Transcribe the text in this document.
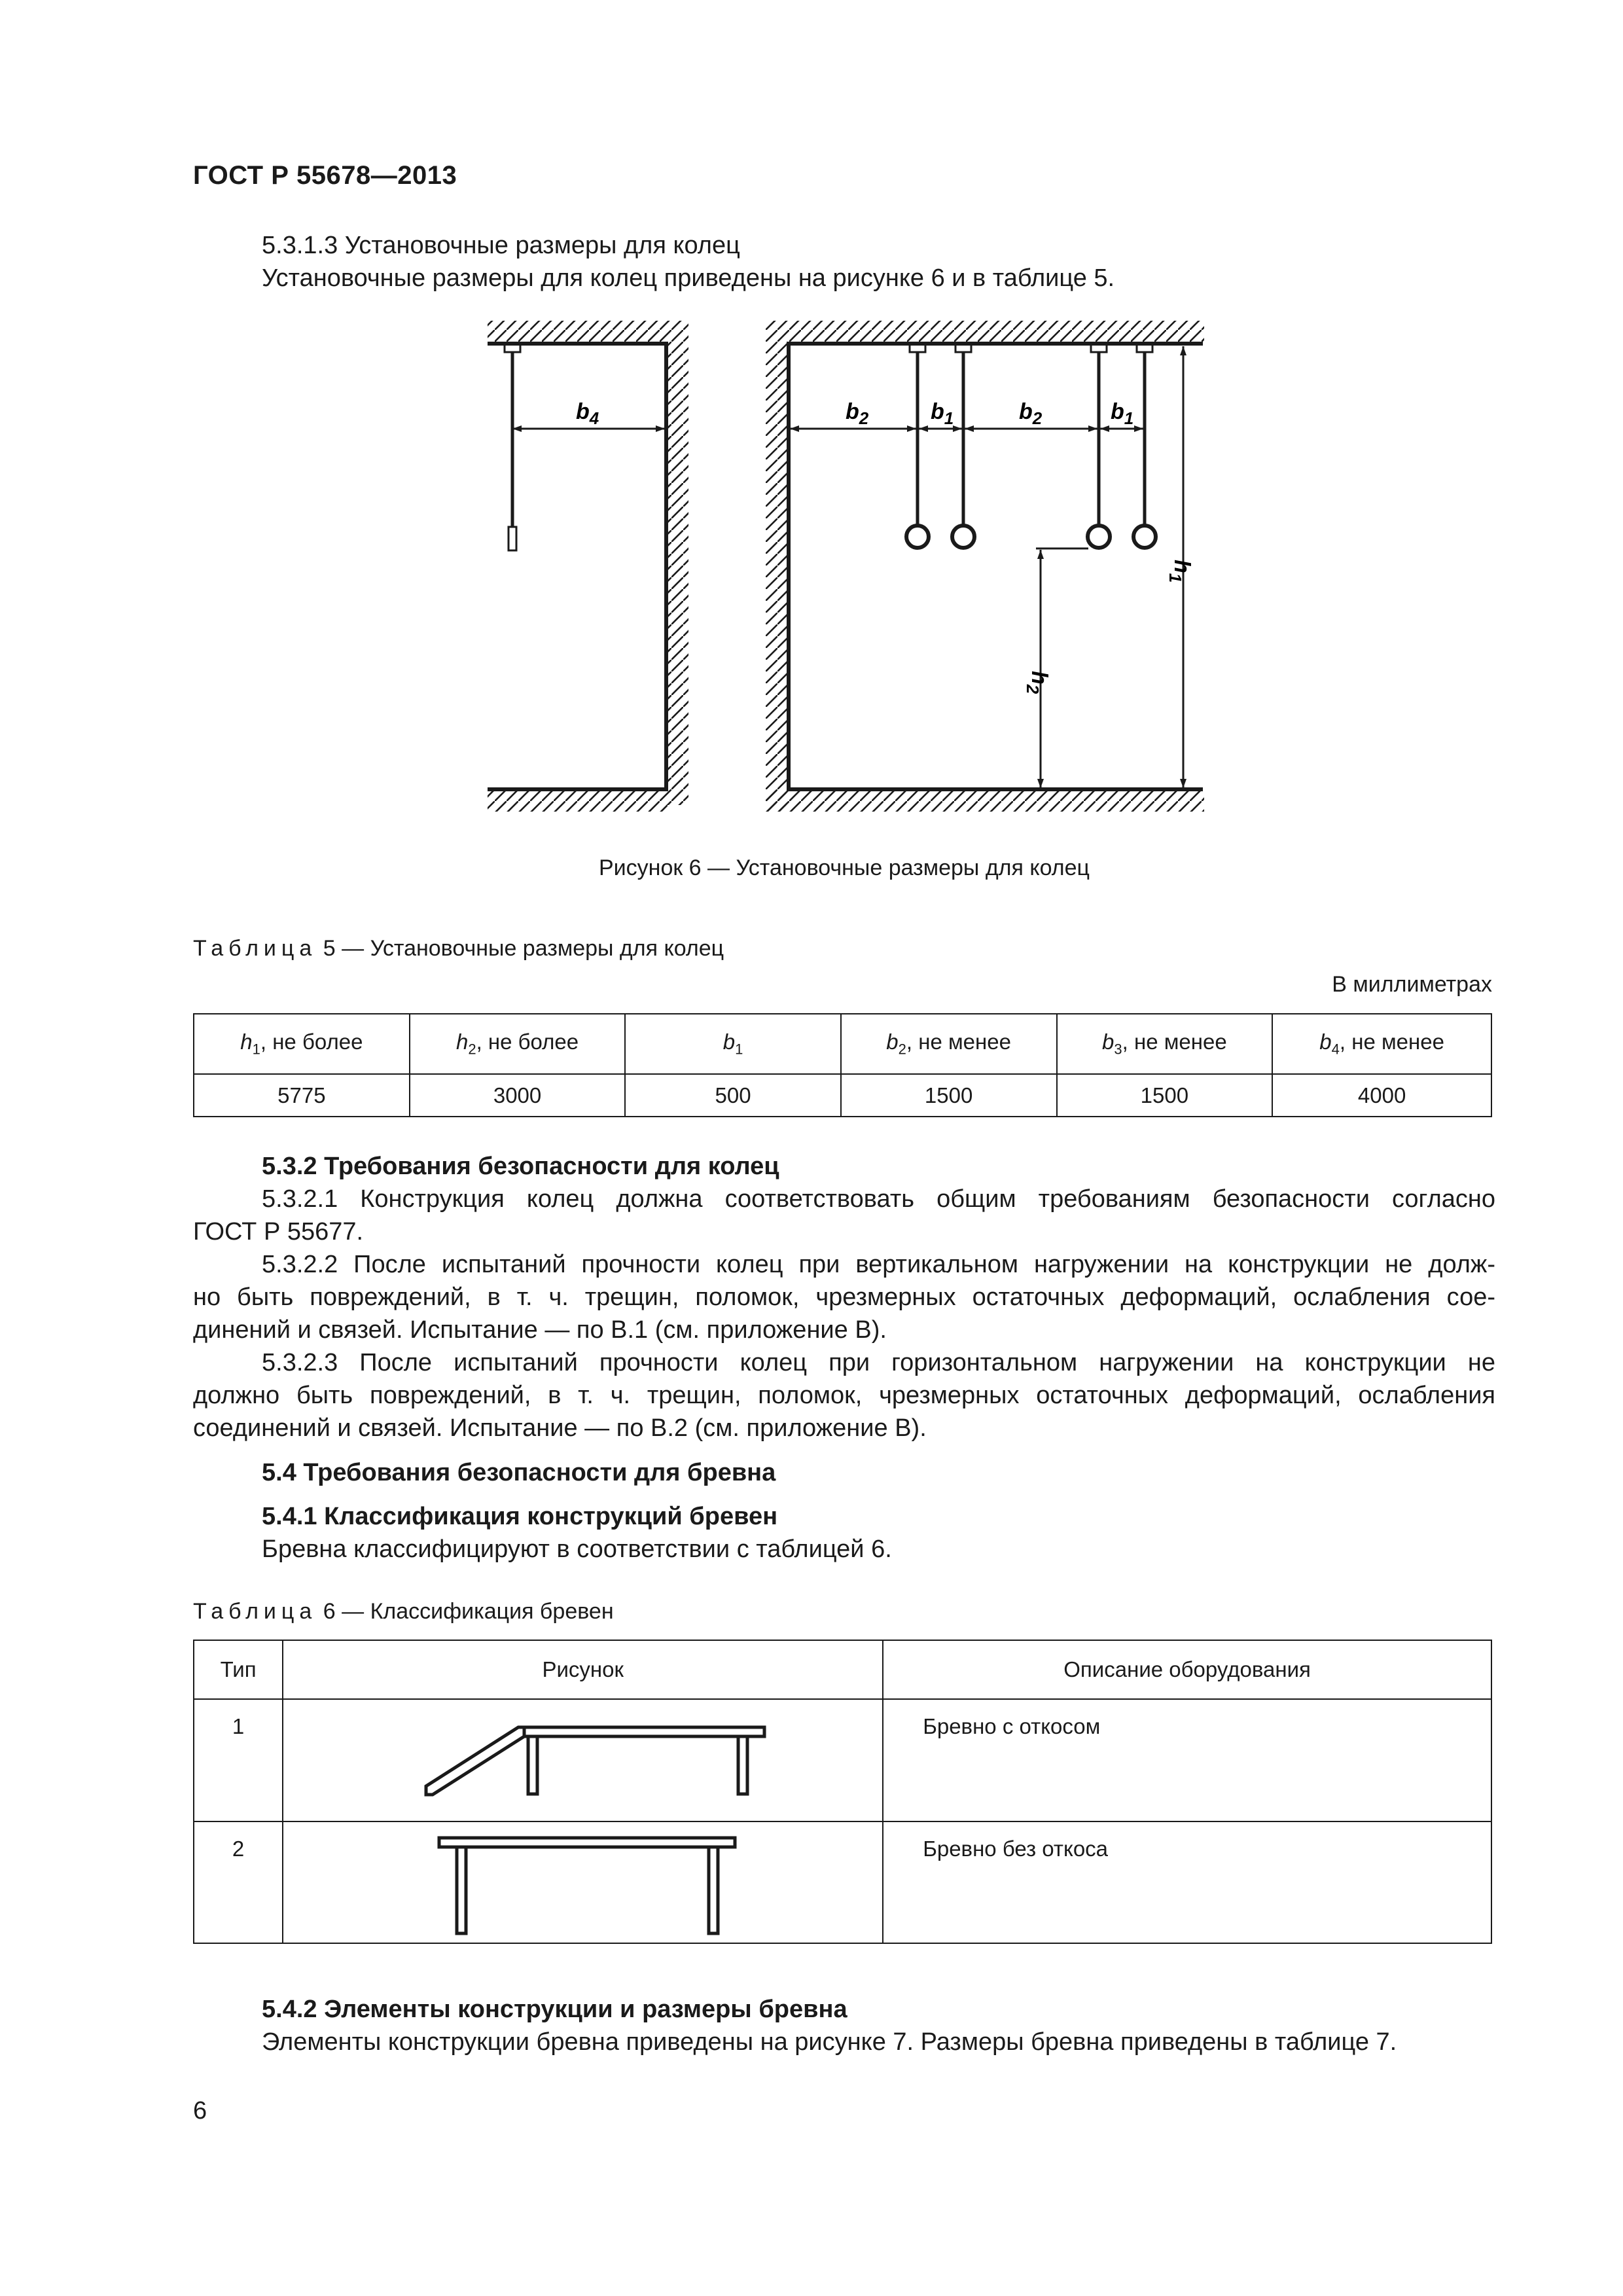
ГОСТ Р 55678—2013
5.3.1.3 Установочные размеры для колец
Установочные размеры для колец приведены на рисунке 6 и в таблице 5.
$b_4$	$b_2$	$b_1$	$b_2$	$b_1$
$h_2$
$h_1$
Рисунок 6 — Установочные размеры для колец
Таблица 5 — Установочные размеры для колец
В миллиметрах
$h_1$, не более	$h_2$, не более	$b_1$	$b_2$, не менее	$b_3$, не менее	$b_4$, не менее
5775	3000	500	1500	1500	4000
5.3.2 Требования безопасности для колец
5.3.2.1 Конструкция колец должна соответствовать общим требованиям безопасности согласно
ГОСТ Р 55677.
5.3.2.2 После испытаний прочности колец при вертикальном нагружении на конструкции не долж-
но быть повреждений, в т. ч. трещин, поломок, чрезмерных остаточных деформаций, ослабления сое-
динений и связей. Испытание — по В.1 (см. приложение В).
5.3.2.3 После испытаний прочности колец при горизонтальном нагружении на конструкции не
должно быть повреждений, в т. ч. трещин, поломок, чрезмерных остаточных деформаций, ослабления
соединений и связей. Испытание — по В.2 (см. приложение В).
5.4 Требования безопасности для бревна
5.4.1 Классификация конструкций бревен
Бревна классифицируют в соответствии с таблицей 6.
Таблица 6 — Классификация бревен
Тип	Рисунок	Описание оборудования
1		Бревно с откосом
2		Бревно без откоса
5.4.2 Элементы конструкции и размеры бревна
Элементы конструкции бревна приведены на рисунке 7. Размеры бревна приведены в таблице 7.
6
